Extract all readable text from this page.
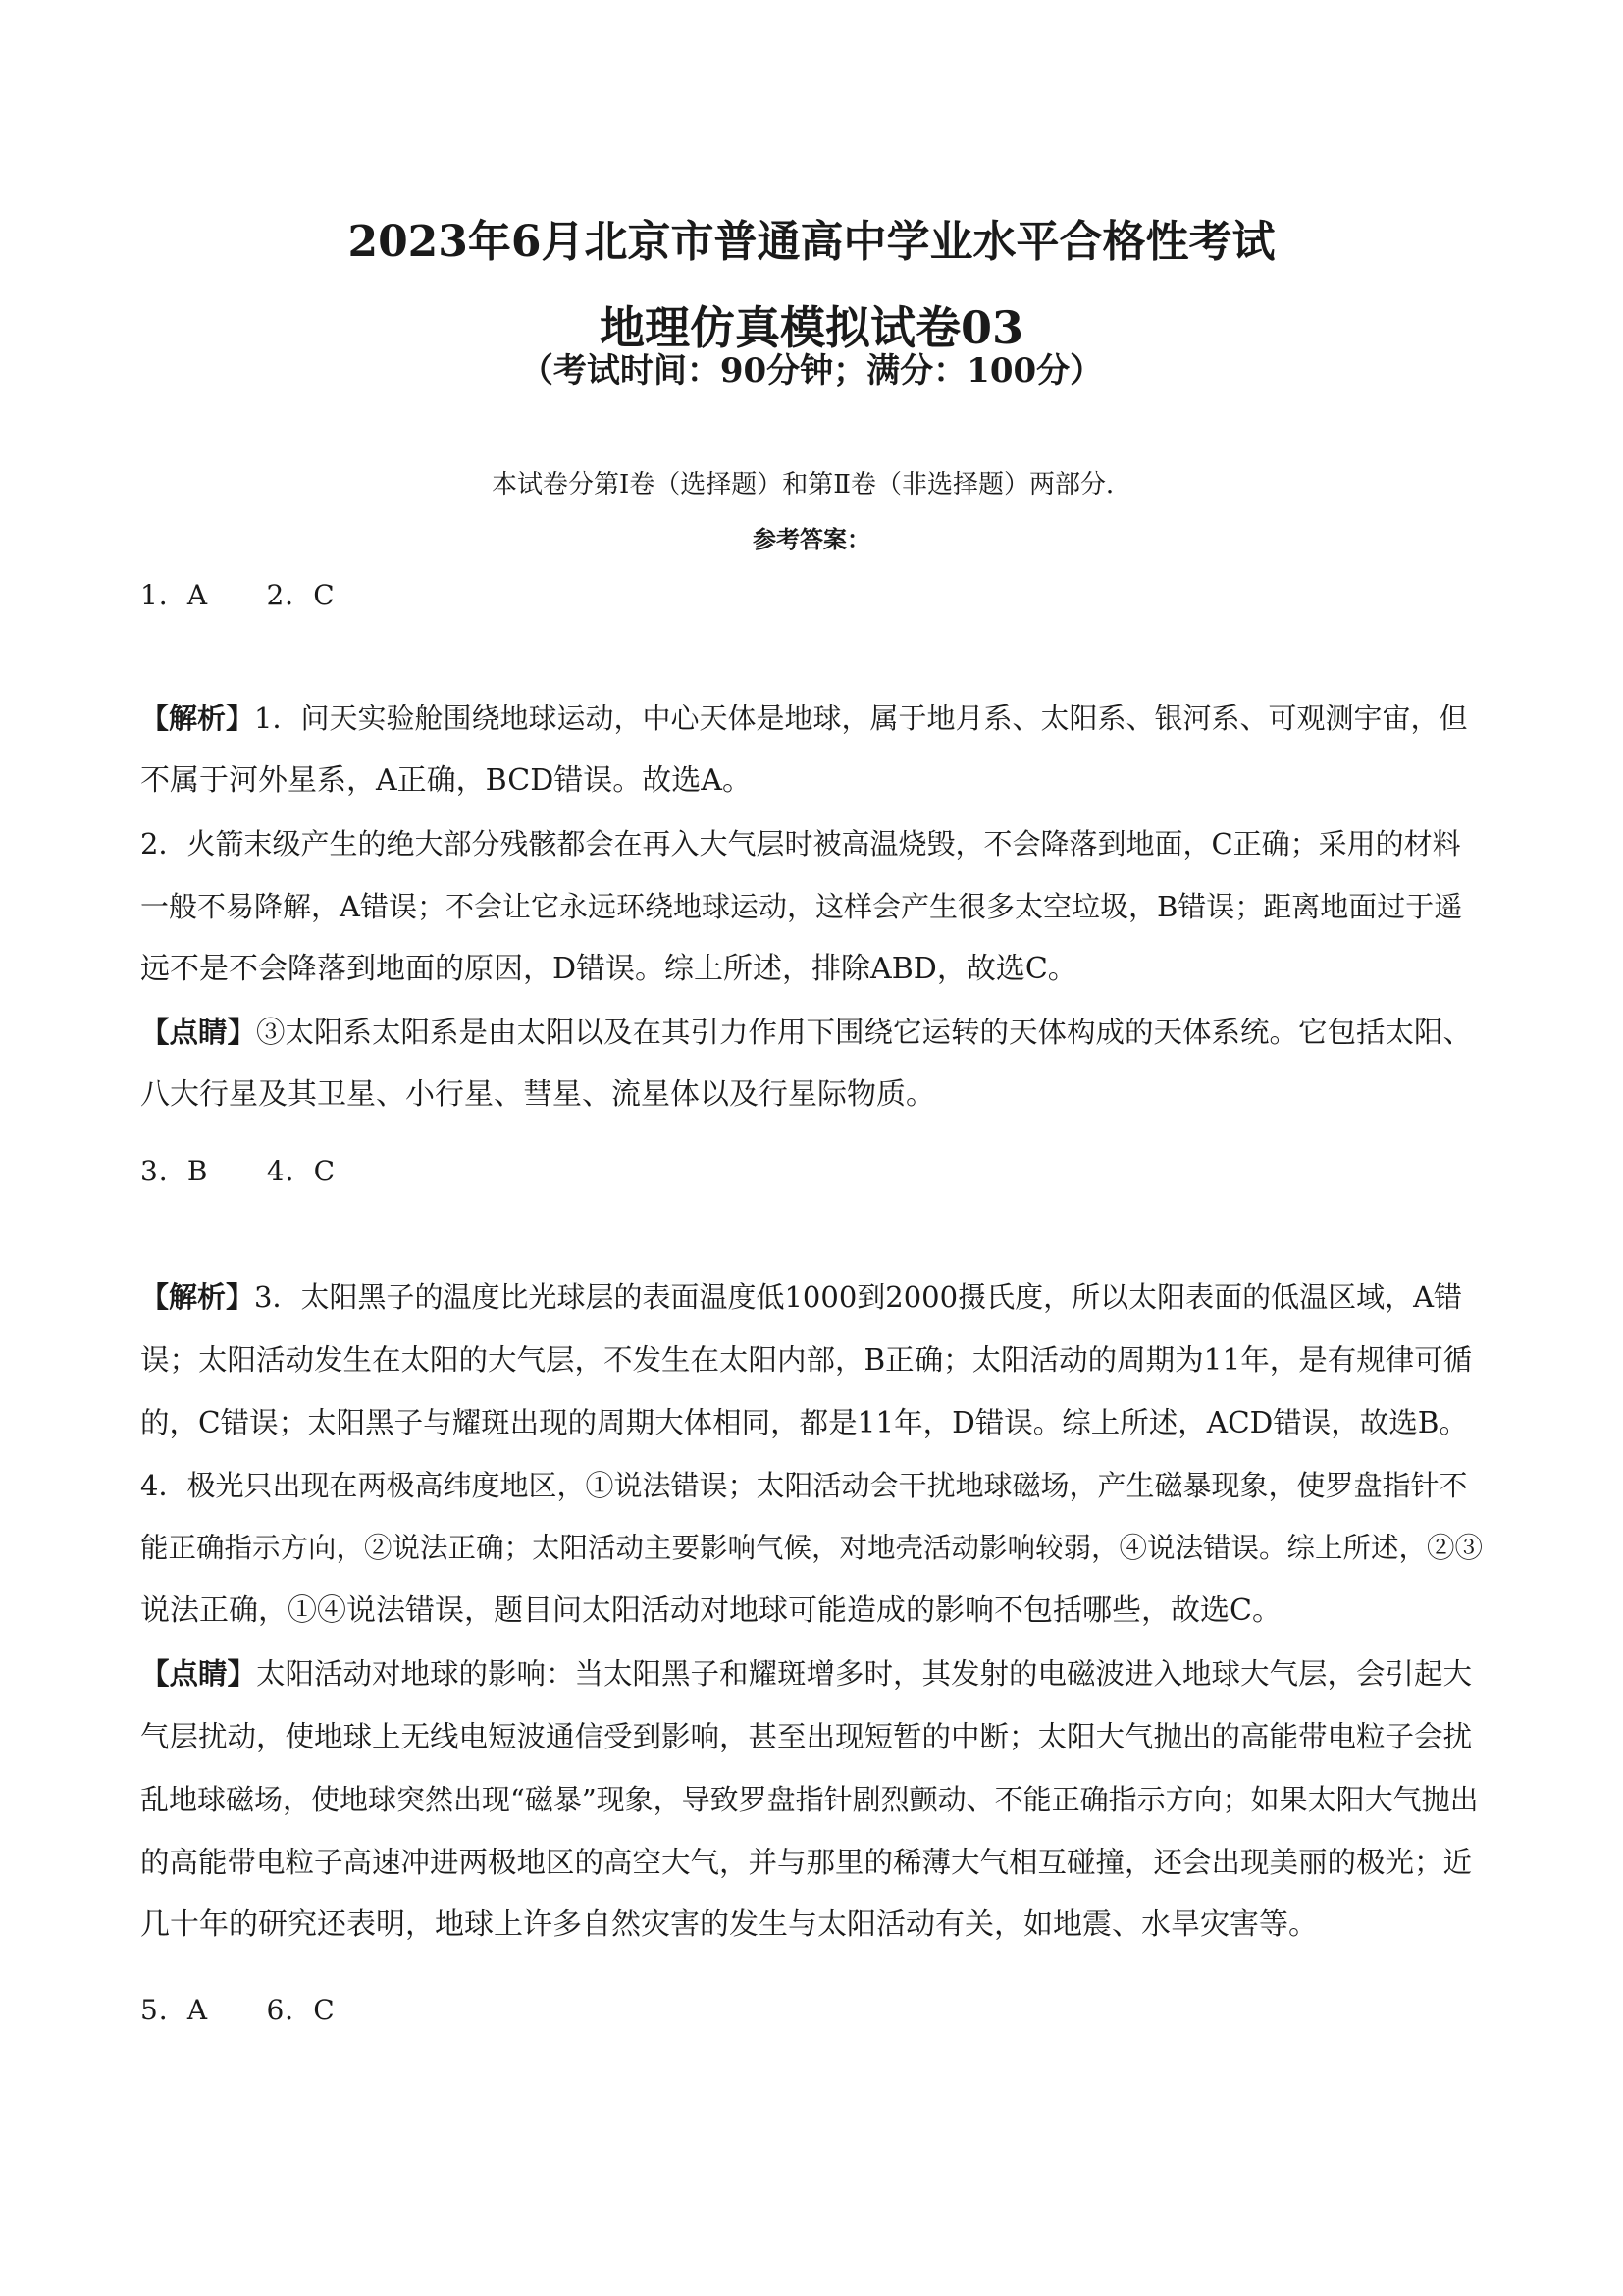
2023年6月北京市普通高中学业水平合格性考试
地理仿真模拟试卷03
（考试时间：90分钟；满分：100分）
本试卷分第Ⅰ卷（选择题）和第Ⅱ卷（非选择题）两部分．
参考答案：
1．A      2．C
【解析】1．问天实验舱围绕地球运动，中心天体是地球，属于地月系、太阳系、银河系、可观测宇宙，但
不属于河外星系，A正确，BCD错误。故选A。
2．火箭末级产生的绝大部分残骸都会在再入大气层时被高温烧毁，不会降落到地面，C正确；采用的材料
一般不易降解，A错误；不会让它永远环绕地球运动，这样会产生很多太空垃圾，B错误；距离地面过于遥
远不是不会降落到地面的原因，D错误。综上所述，排除ABD，故选C。
【点睛】③太阳系太阳系是由太阳以及在其引力作用下围绕它运转的天体构成的天体系统。它包括太阳、
八大行星及其卫星、小行星、彗星、流星体以及行星际物质。
3．B      4．C
【解析】3．太阳黑子的温度比光球层的表面温度低1000到2000摄氏度，所以太阳表面的低温区域，A错
误；太阳活动发生在太阳的大气层，不发生在太阳内部，B正确；太阳活动的周期为11年，是有规律可循
的，C错误；太阳黑子与耀斑出现的周期大体相同，都是11年，D错误。综上所述，ACD错误，故选B。
4．极光只出现在两极高纬度地区，①说法错误；太阳活动会干扰地球磁场，产生磁暴现象，使罗盘指针不
能正确指示方向，②说法正确；太阳活动主要影响气候，对地壳活动影响较弱，④说法错误。综上所述，②③
说法正确，①④说法错误，题目问太阳活动对地球可能造成的影响不包括哪些，故选C。
【点睛】太阳活动对地球的影响：当太阳黑子和耀斑增多时，其发射的电磁波进入地球大气层，会引起大
气层扰动，使地球上无线电短波通信受到影响，甚至出现短暂的中断；太阳大气抛出的高能带电粒子会扰
乱地球磁场，使地球突然出现“磁暴”现象，导致罗盘指针剧烈颤动、不能正确指示方向；如果太阳大气抛出
的高能带电粒子高速冲进两极地区的高空大气，并与那里的稀薄大气相互碰撞，还会出现美丽的极光；近
几十年的研究还表明，地球上许多自然灾害的发生与太阳活动有关，如地震、水旱灾害等。
5．A      6．C
